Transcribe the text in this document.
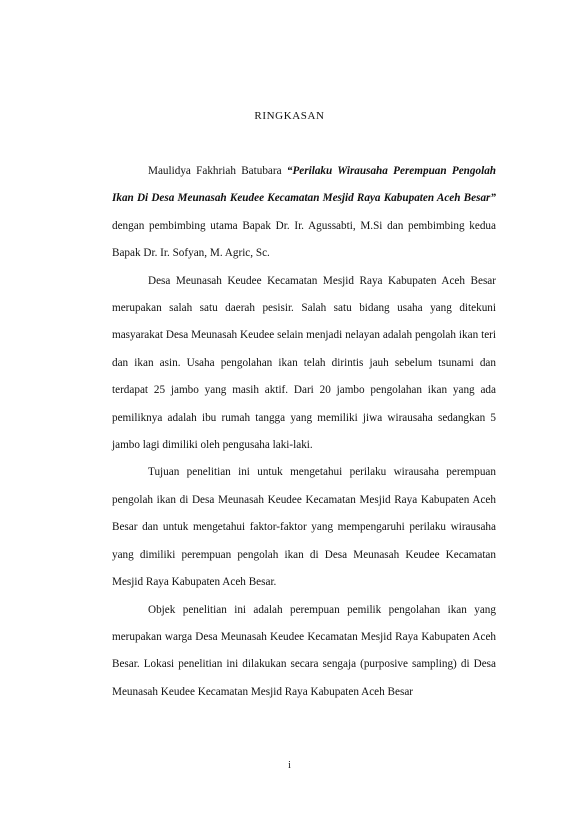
RINGKASAN

Maulidya Fakhriah Batubara “Perilaku Wirausaha Perempuan Pengolah Ikan Di Desa Meunasah Keudee Kecamatan Mesjid Raya Kabupaten Aceh Besar” dengan pembimbing utama Bapak Dr. Ir. Agussabti, M.Si dan pembimbing kedua Bapak Dr. Ir. Sofyan, M. Agric, Sc.

Desa Meunasah Keudee Kecamatan Mesjid Raya Kabupaten Aceh Besar merupakan salah satu daerah pesisir. Salah satu bidang usaha yang ditekuni masyarakat Desa Meunasah Keudee selain menjadi nelayan adalah pengolah ikan teri dan ikan asin. Usaha pengolahan ikan telah dirintis jauh sebelum tsunami dan terdapat 25 jambo yang masih aktif. Dari 20 jambo pengolahan ikan yang ada pemiliknya adalah ibu rumah tangga yang memiliki jiwa wirausaha sedangkan 5 jambo lagi dimiliki oleh pengusaha laki-laki.

Tujuan penelitian ini untuk mengetahui perilaku wirausaha perempuan pengolah ikan di Desa Meunasah Keudee Kecamatan Mesjid Raya Kabupaten Aceh Besar dan untuk mengetahui faktor-faktor yang mempengaruhi perilaku wirausaha yang dimiliki perempuan pengolah ikan di Desa Meunasah Keudee Kecamatan Mesjid Raya Kabupaten Aceh Besar.

Objek penelitian ini adalah perempuan pemilik pengolahan ikan yang merupakan warga Desa Meunasah Keudee Kecamatan Mesjid Raya Kabupaten Aceh Besar. Lokasi penelitian ini dilakukan secara sengaja (purposive sampling) di Desa Meunasah Keudee Kecamatan Mesjid Raya Kabupaten Aceh Besar

i
